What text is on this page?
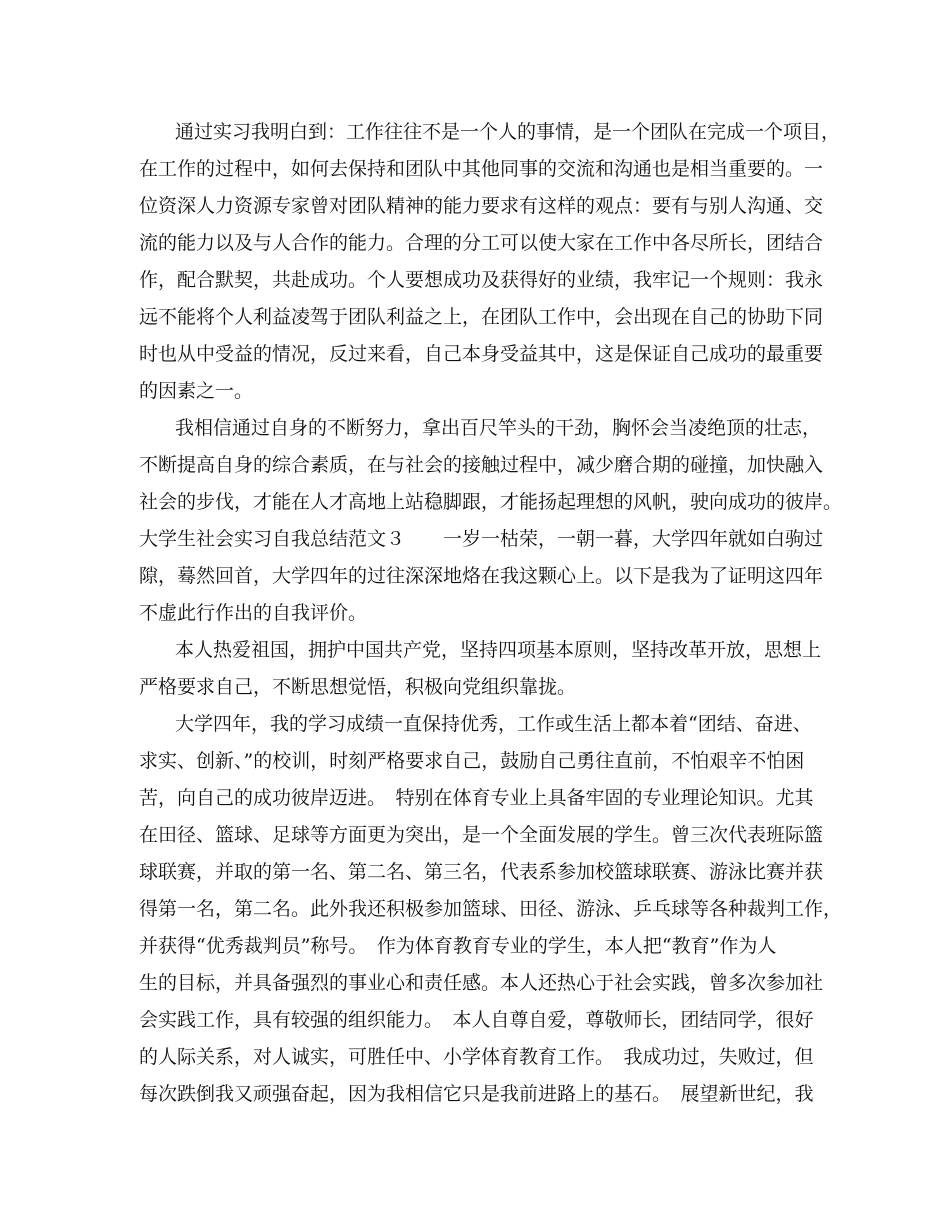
通过实习我明白到：工作往往不是一个人的事情，是一个团队在完成一个项目，
在工作的过程中，如何去保持和团队中其他同事的交流和沟通也是相当重要的。一
位资深人力资源专家曾对团队精神的能力要求有这样的观点：要有与别人沟通、交
流的能力以及与人合作的能力。合理的分工可以使大家在工作中各尽所长，团结合
作，配合默契，共赴成功。个人要想成功及获得好的业绩，我牢记一个规则：我永
远不能将个人利益凌驾于团队利益之上，在团队工作中，会出现在自己的协助下同
时也从中受益的情况，反过来看，自己本身受益其中，这是保证自己成功的最重要
的因素之一。
我相信通过自身的不断努力，拿出百尺竿头的干劲，胸怀会当凌绝顶的壮志，
不断提高自身的综合素质，在与社会的接触过程中，减少磨合期的碰撞，加快融入
社会的步伐，才能在人才高地上站稳脚跟，才能扬起理想的风帆，驶向成功的彼岸。
大学生社会实习自我总结范文３　　一岁一枯荣，一朝一暮，大学四年就如白驹过
隙，蓦然回首，大学四年的过往深深地烙在我这颗心上。以下是我为了证明这四年
不虚此行作出的自我评价。
本人热爱祖国，拥护中国共产党，坚持四项基本原则，坚持改革开放，思想上
严格要求自己，不断思想觉悟，积极向党组织靠拢。
大学四年，我的学习成绩一直保持优秀，工作或生活上都本着“团结、奋进、
求实、创新、”的校训，时刻严格要求自己，鼓励自己勇往直前，不怕艰辛不怕困
苦，向自己的成功彼岸迈进。　特别在体育专业上具备牢固的专业理论知识。尤其
在田径、篮球、足球等方面更为突出，是一个全面发展的学生。曾三次代表班际篮
球联赛，并取的第一名、第二名、第三名，代表系参加校篮球联赛、游泳比赛并获
得第一名，第二名。此外我还积极参加篮球、田径、游泳、乒乓球等各种裁判工作，
并获得“优秀裁判员”称号。　作为体育教育专业的学生，本人把“教育”作为人
生的目标，并具备强烈的事业心和责任感。本人还热心于社会实践，曾多次参加社
会实践工作，具有较强的组织能力。　本人自尊自爱，尊敬师长，团结同学，很好
的人际关系，对人诚实，可胜任中、小学体育教育工作。　我成功过，失败过，但
每次跌倒我又顽强奋起，因为我相信它只是我前进路上的基石。　展望新世纪，我
